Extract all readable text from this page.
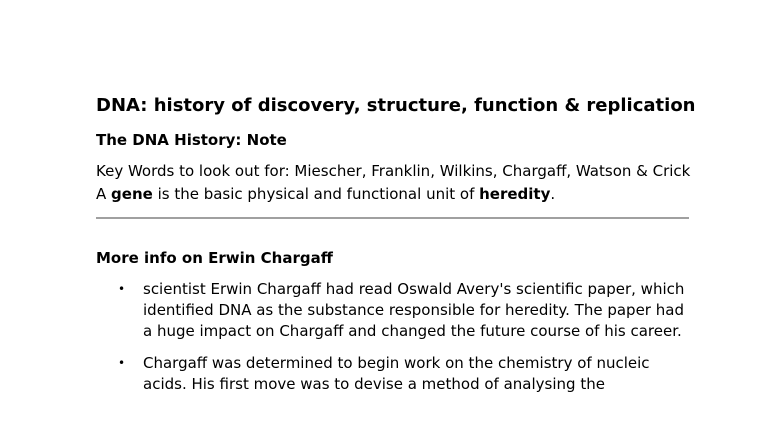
DNA: history of discovery, structure, function & replication
The DNA History: Note

Key Words to look out for: Miescher, Franklin, Wilkins, Chargaff, Watson & Crick A gene is the basic physical and functional unit of heredity.

More info on Erwin Chargaff
• scientist Erwin Chargaff had read Oswald Avery's scientific paper, which identified DNA as the substance responsible for heredity. The paper had a huge impact on Chargaff and changed the future course of his career.
• Chargaff was determined to begin work on the chemistry of nucleic acids. His first move was to devise a method of analysing the
